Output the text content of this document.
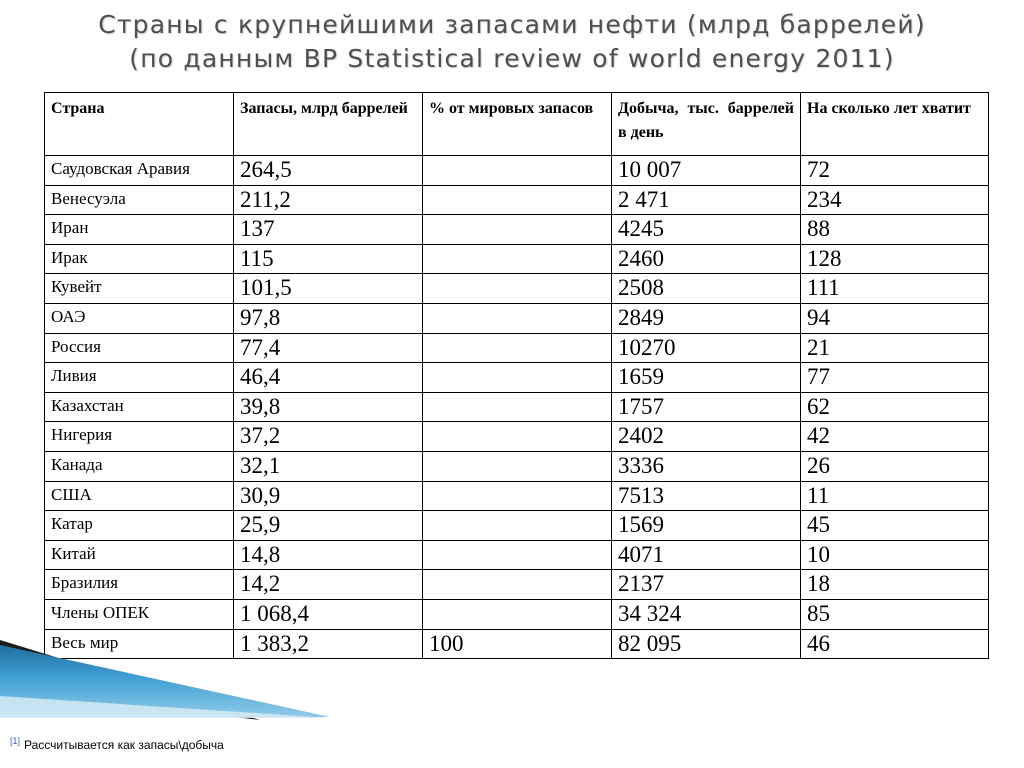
Страны с крупнейшими запасами нефти (млрд баррелей)
(по данным BP Statistical review of world energy 2011)
Страна	Запасы, млрд баррелей	% от мировых запасов	Добыча, тыс. баррелей в день	На сколько лет хватит
Саудовская Аравия	264,5		10 007	72
Венесуэла	211,2		2 471	234
Иран	137		4245	88
Ирак	115		2460	128
Кувейт	101,5		2508	111
ОАЭ	97,8		2849	94
Россия	77,4		10270	21
Ливия	46,4		1659	77
Казахстан	39,8		1757	62
Нигерия	37,2		2402	42
Канада	32,1		3336	26
США	30,9		7513	11
Катар	25,9		1569	45
Китай	14,8		4071	10
Бразилия	14,2		2137	18
Члены ОПЕК	1 068,4		34 324	85
Весь мир	1 383,2	100	82 095	46
[1] Рассчитывается как запасы\добыча
